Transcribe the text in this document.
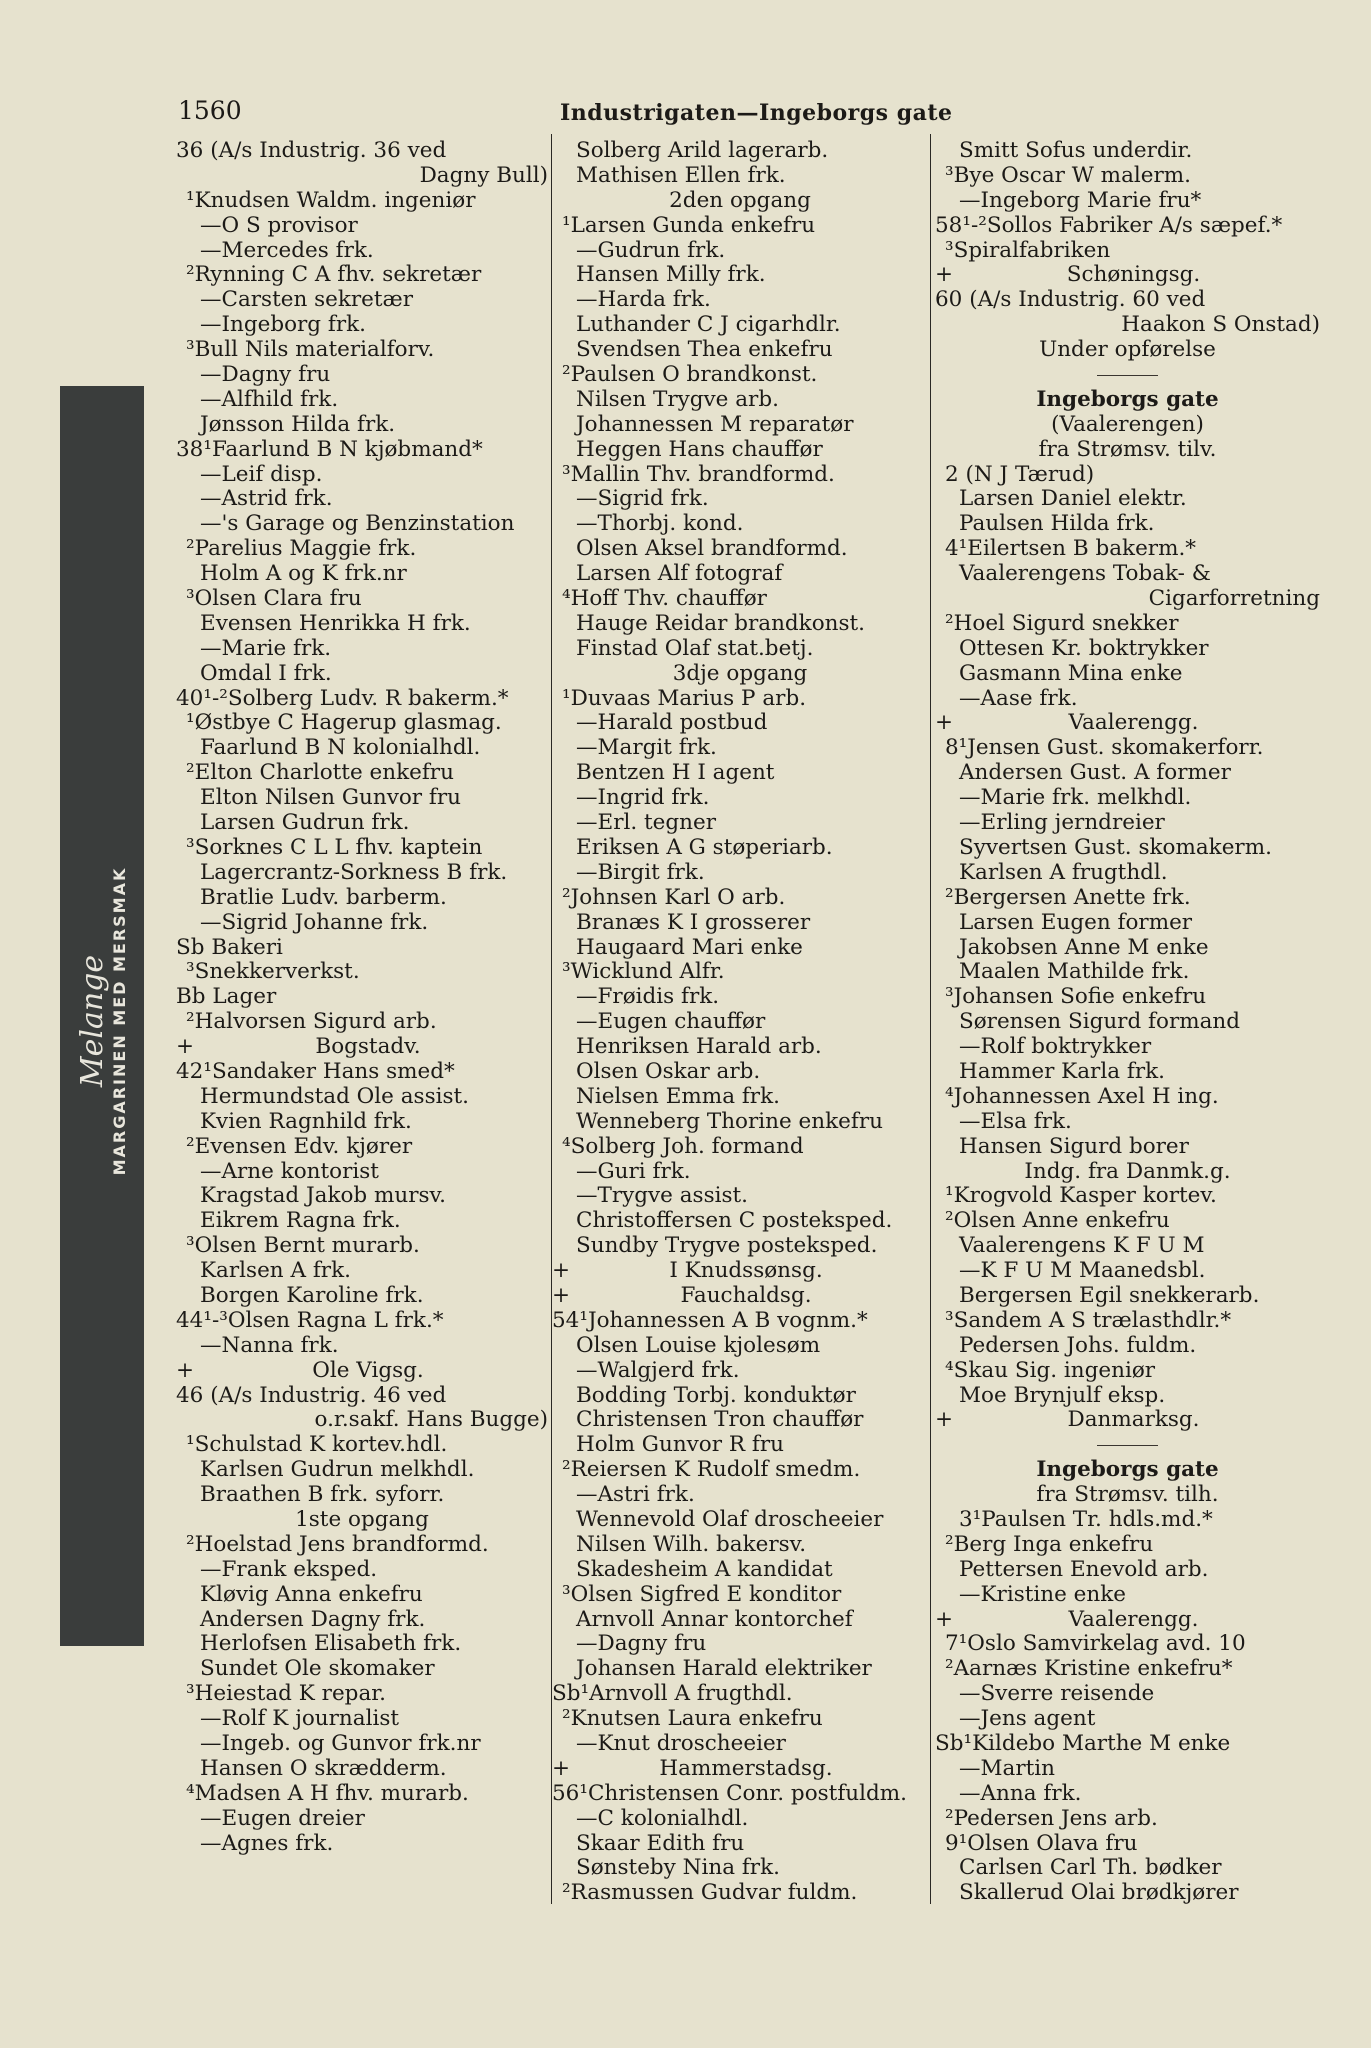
1560	Industrigaten—Ingeborgs gate
Melange MARGARINEN MED MERSMAK
36 (A/s Industrig. 36 ved
Dagny Bull)
¹Knudsen Waldm. ingeniør
—O S provisor
—Mercedes frk.
²Rynning C A fhv. sekretær
—Carsten sekretær
—Ingeborg frk.
³Bull Nils materialforv.
—Dagny fru
—Alfhild frk.
Jønsson Hilda frk.
38¹Faarlund B N kjøbmand*
—Leif disp.
—Astrid frk.
—'s Garage og Benzinstation
²Parelius Maggie frk.
Holm A og K frk.nr
³Olsen Clara fru
Evensen Henrikka H frk.
—Marie frk.
Omdal I frk.
40¹-²Solberg Ludv. R bakerm.*
¹Østbye C Hagerup glasmag.
Faarlund B N kolonialhdl.
²Elton Charlotte enkefru
Elton Nilsen Gunvor fru
Larsen Gudrun frk.
³Sorknes C L L fhv. kaptein
Lagercrantz-Sorkness B frk.
Bratlie Ludv. barberm.
—Sigrid Johanne frk.
Sb Bakeri
³Snekkerverkst.
Bb Lager
²Halvorsen Sigurd arb.
+	Bogstadv.
42¹Sandaker Hans smed*
Hermundstad Ole assist.
Kvien Ragnhild frk.
²Evensen Edv. kjører
—Arne kontorist
Kragstad Jakob mursv.
Eikrem Ragna frk.
³Olsen Bernt murarb.
Karlsen A frk.
Borgen Karoline frk.
44¹-³Olsen Ragna L frk.*
—Nanna frk.
+	Ole Vigsg.
46 (A/s Industrig. 46 ved
o.r.sakf. Hans Bugge)
¹Schulstad K kortev.hdl.
Karlsen Gudrun melkhdl.
Braathen B frk. syforr.
1ste opgang
²Hoelstad Jens brandformd.
—Frank eksped.
Kløvig Anna enkefru
Andersen Dagny frk.
Herlofsen Elisabeth frk.
Sundet Ole skomaker
³Heiestad K repar.
—Rolf K journalist
—Ingeb. og Gunvor frk.nr
Hansen O skrædderm.
⁴Madsen A H fhv. murarb.
—Eugen dreier
—Agnes frk.
Solberg Arild lagerarb.
Mathisen Ellen frk.
2den opgang
¹Larsen Gunda enkefru
—Gudrun frk.
Hansen Milly frk.
—Harda frk.
Luthander C J cigarhdlr.
Svendsen Thea enkefru
²Paulsen O brandkonst.
Nilsen Trygve arb.
Johannessen M reparatør
Heggen Hans chauffør
³Mallin Thv. brandformd.
—Sigrid frk.
—Thorbj. kond.
Olsen Aksel brandformd.
Larsen Alf fotograf
⁴Hoff Thv. chauffør
Hauge Reidar brandkonst.
Finstad Olaf stat.betj.
3dje opgang
¹Duvaas Marius P arb.
—Harald postbud
—Margit frk.
Bentzen H I agent
—Ingrid frk.
—Erl. tegner
Eriksen A G støperiarb.
—Birgit frk.
²Johnsen Karl O arb.
Branæs K I grosserer
Haugaard Mari enke
³Wicklund Alfr.
—Frøidis frk.
—Eugen chauffør
Henriksen Harald arb.
Olsen Oskar arb.
Nielsen Emma frk.
Wenneberg Thorine enkefru
⁴Solberg Joh. formand
—Guri frk.
—Trygve assist.
Christoffersen C posteksped.
Sundby Trygve posteksped.
+	I Knudssønsg.
+	Fauchaldsg.
54¹Johannessen A B vognm.*
Olsen Louise kjolesøm
—Walgjerd frk.
Bodding Torbj. konduktør
Christensen Tron chauffør
Holm Gunvor R fru
²Reiersen K Rudolf smedm.
—Astri frk.
Wennevold Olaf droscheeier
Nilsen Wilh. bakersv.
Skadesheim A kandidat
³Olsen Sigfred E konditor
Arnvoll Annar kontorchef
—Dagny fru
Johansen Harald elektriker
Sb¹Arnvoll A frugthdl.
²Knutsen Laura enkefru
—Knut droscheeier
+	Hammerstadsg.
56¹Christensen Conr. postfuldm.
—C kolonialhdl.
Skaar Edith fru
Sønsteby Nina frk.
²Rasmussen Gudvar fuldm.
Smitt Sofus underdir.
³Bye Oscar W malerm.
—Ingeborg Marie fru*
58¹-²Sollos Fabriker A/s sæpef.*
³Spiralfabriken
+	Schøningsg.
60 (A/s Industrig. 60 ved
Haakon S Onstad)
Under opførelse
Ingeborgs gate
(Vaalerengen)
fra Strømsv. tilv.
2 (N J Tærud)
Larsen Daniel elektr.
Paulsen Hilda frk.
4¹Eilertsen B bakerm.*
Vaalerengens Tobak- &
Cigarforretning
²Hoel Sigurd snekker
Ottesen Kr. boktrykker
Gasmann Mina enke
—Aase frk.
+	Vaalerengg.
8¹Jensen Gust. skomakerforr.
Andersen Gust. A former
—Marie frk. melkhdl.
—Erling jerndreier
Syvertsen Gust. skomakerm.
Karlsen A frugthdl.
²Bergersen Anette frk.
Larsen Eugen former
Jakobsen Anne M enke
Maalen Mathilde frk.
³Johansen Sofie enkefru
Sørensen Sigurd formand
—Rolf boktrykker
Hammer Karla frk.
⁴Johannessen Axel H ing.
—Elsa frk.
Hansen Sigurd borer
Indg. fra Danmk.g.
¹Krogvold Kasper kortev.
²Olsen Anne enkefru
Vaalerengens K F U M
—K F U M Maanedsbl.
Bergersen Egil snekkerarb.
³Sandem A S trælasthdlr.*
Pedersen Johs. fuldm.
⁴Skau Sig. ingeniør
Moe Brynjulf eksp.
+	Danmarksg.
Ingeborgs gate
fra Strømsv. tilh.
3¹Paulsen Tr. hdls.md.*
²Berg Inga enkefru
Pettersen Enevold arb.
—Kristine enke
+	Vaalerengg.
7¹Oslo Samvirkelag avd. 10
²Aarnæs Kristine enkefru*
—Sverre reisende
—Jens agent
Sb¹Kildebo Marthe M enke
—Martin
—Anna frk.
²Pedersen Jens arb.
9¹Olsen Olava fru
Carlsen Carl Th. bødker
Skallerud Olai brødkjører
